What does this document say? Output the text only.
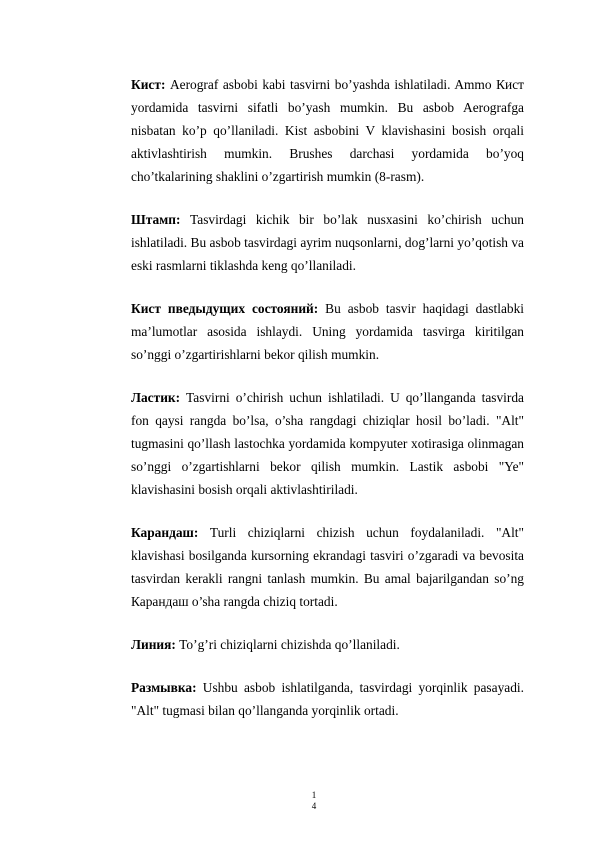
Кист: Aerograf asbobi kabi tasvirni bo’yashda ishlatiladi. Ammo Кист yordamida tasvirni sifatli bo’yash mumkin. Bu asbob Aerografga nisbatan ko’p qo’llaniladi. Kist asbobini V klavishasini bosish orqali aktivlashtirish mumkin. Brushes darchasi yordamida bo’yoq cho’tkalarining shaklini o’zgartirish mumkin (8-rasm).

Штамп: Tasvirdagi kichik bir bo’lak nusxasini ko’chirish uchun ishlatiladi. Bu asbob tasvirdagi ayrim nuqsonlarni, dog’larni yo’qotish va eski rasmlarni tiklashda keng qo’llaniladi.

Кист пведыдущих состояний: Bu asbob tasvir haqidagi dastlabki ma’lumotlar asosida ishlaydi. Uning yordamida tasvirga kiritilgan so’nggi o’zgartirishlarni bekor qilish mumkin.

Ластик: Tasvirni o’chirish uchun ishlatiladi. U qo’llanganda tasvirda fon qaysi rangda bo’lsa, o’sha rangdagi chiziqlar hosil bo’ladi. "Alt" tugmasini qo’llash lastochka yordamida kompyuter xotirasiga olinmagan so’nggi o’zgartishlarni bekor qilish mumkin. Lastik asbobi "Ye" klavishasini bosish orqali aktivlashtiriladi.

Карандаш: Turli chiziqlarni chizish uchun foydalaniladi. "Alt" klavishasi bosilganda kursorning ekrandagi tasviri o’zgaradi va bevosita tasvirdan kerakli rangni tanlash mumkin. Bu amal bajarilgandan so’ng Карандаш o’sha rangda chiziq tortadi.

Линия: To’g’ri chiziqlarni chizishda qo’llaniladi.

Размывка: Ushbu asbob ishlatilganda, tasvirdagi yorqinlik pasayadi. "Alt" tugmasi bilan qo’llanganda yorqinlik ortadi.

1
4
